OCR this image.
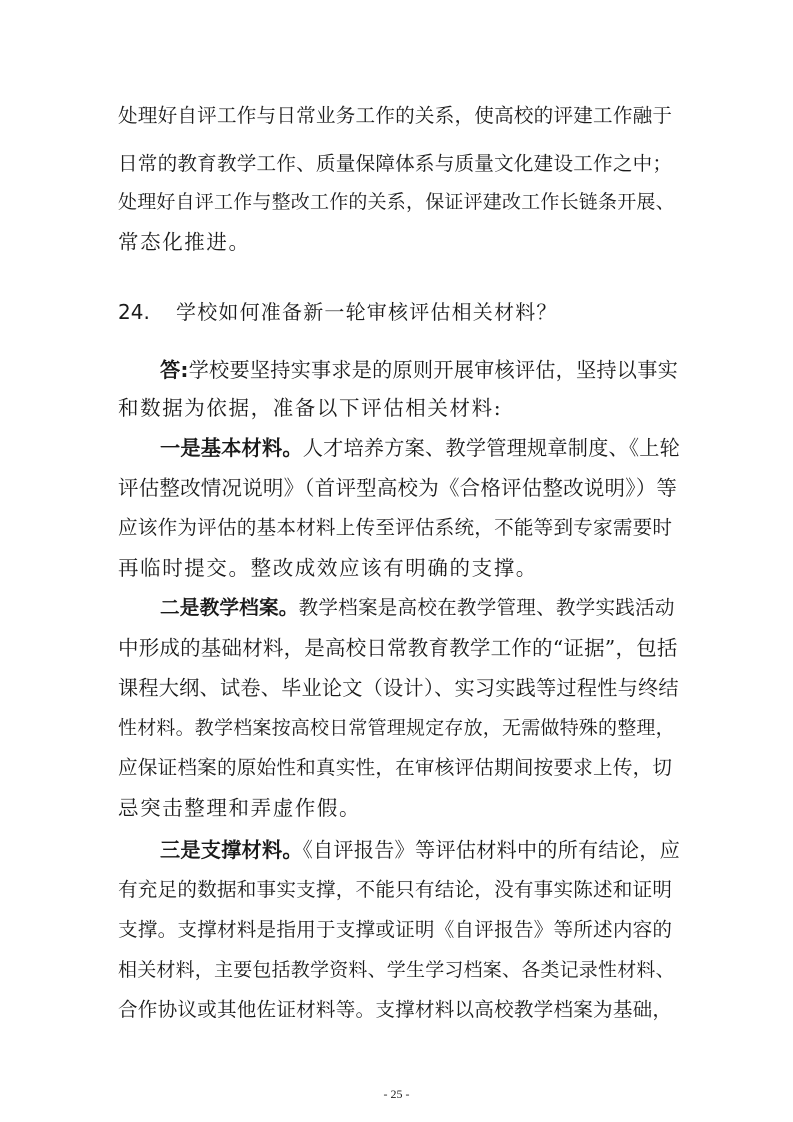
处理好自评工作与日常业务工作的关系，使高校的评建工作融于
日常的教育教学工作、质量保障体系与质量文化建设工作之中；
处理好自评工作与整改工作的关系，保证评建改工作长链条开展、
常态化推进。
24. 学校如何准备新一轮审核评估相关材料？
答:学校要坚持实事求是的原则开展审核评估，坚持以事实
和数据为依据，准备以下评估相关材料:
一是基本材料。人才培养方案、教学管理规章制度、《上轮
评估整改情况说明》（首评型高校为《合格评估整改说明》）等
应该作为评估的基本材料上传至评估系统，不能等到专家需要时
再临时提交。整改成效应该有明确的支撑。
二是教学档案。教学档案是高校在教学管理、教学实践活动
中形成的基础材料，是高校日常教育教学工作的“证据”，包括
课程大纲、试卷、毕业论文（设计）、实习实践等过程性与终结
性材料。教学档案按高校日常管理规定存放，无需做特殊的整理，
应保证档案的原始性和真实性，在审核评估期间按要求上传，切
忌突击整理和弄虚作假。
三是支撑材料。《自评报告》等评估材料中的所有结论，应
有充足的数据和事实支撑，不能只有结论，没有事实陈述和证明
支撑。支撑材料是指用于支撑或证明《自评报告》等所述内容的
相关材料，主要包括教学资料、学生学习档案、各类记录性材料、
合作协议或其他佐证材料等。支撑材料以高校教学档案为基础，
- 25 -
